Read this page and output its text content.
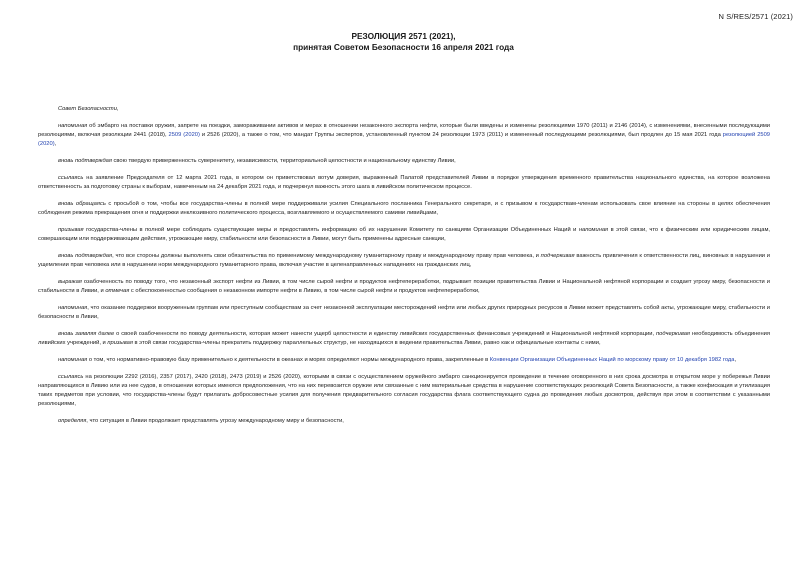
N S/RES/2571 (2021)
РЕЗОЛЮЦИЯ 2571 (2021),
принятая Советом Безопасности 16 апреля 2021 года

Совет Безопасности,

напоминая об эмбарго на поставки оружия, запрете на поездки, замораживании активов и мерах в отношении незаконного экспорта нефти, которые были введены и изменены резолюциями 1970 (2011) и 2146 (2014), с изменениями, внесенными последующими резолюциями, включая резолюции 2441 (2018), 2509 (2020) и 2526 (2020), а также о том, что мандат Группы экспертов, установленный пунктом 24 резолюции 1973 (2011) и измененный последующими резолюциями, был продлен до 15 мая 2021 года резолюцией 2509 (2020),

вновь подтверждая свою твердую приверженность суверенитету, независимости, территориальной целостности и национальному единству Ливии,

ссылаясь на заявление Председателя от 12 марта 2021 года, в котором он приветствовал вотум доверия, выраженный Палатой представителей Ливии в порядке утверждения временного правительства национального единства, на которое возложена ответственность за подготовку страны к выборам, намеченным на 24 декабря 2021 года, и подчеркнул важность этого шага в ливийском политическом процессе.

вновь обращаясь с просьбой о том, чтобы все государства-члены в полной мере поддерживали усилия Специального посланника Генерального секретаря, и с призывом к государствам-членам использовать свое влияние на стороны в целях обеспечения соблюдения режима прекращения огня и поддержки инклюзивного политического процесса, возглавляемого и осуществляемого самими ливийцами,

призывая государства-члены в полной мере соблюдать существующие меры и предоставлять информацию об их нарушении Комитету по санкциям Организации Объединенных Наций и напоминая в этой связи, что к физическим или юридическим лицам, совершающим или поддерживающим действия, угрожающие миру, стабильности или безопасности в Ливии, могут быть применены адресные санкции,

вновь подтверждая, что все стороны должны выполнять свои обязательства по применимому международному гуманитарному праву и международному праву прав человека, и подчеркивая важность привлечения к ответственности лиц, виновных в нарушении и ущемлении прав человека или в нарушении норм международного гуманитарного права, включая участие в целенаправленных нападениях на гражданских лиц,

выражая озабоченность по поводу того, что незаконный экспорт нефти из Ливии, в том числе сырой нефти и продуктов нефтепереработки, подрывает позиции правительства Ливии и Национальной нефтяной корпорации и создает угрозу миру, безопасности и стабильности в Ливии, и отмечая с обеспокоенностью сообщения о незаконном импорте нефти в Ливию, в том числе сырой нефти и продуктов нефтепереработки,

напоминая, что оказание поддержки вооруженным группам или преступным сообществам за счет незаконной эксплуатации месторождений нефти или любых других природных ресурсов в Ливии может представлять собой акты, угрожающие миру, стабильности и безопасности в Ливии,

вновь заявляя далее о своей озабоченности по поводу деятельности, которая может нанести ущерб целостности и единству ливийских государственных финансовых учреждений и Национальной нефтяной корпорации, подчеркивая необходимость объединения ливийских учреждений, и призывая в этой связи государства-члены прекратить поддержку параллельных структур, не находящихся в ведении правительства Ливии, равно как и официальные контакты с ними,

напоминая о том, что нормативно-правовую базу применительно к деятельности в океанах и морях определяют нормы международного права, закрепленные в Конвенции Организации Объединенных Наций по морскому праву от 10 декабря 1982 года,

ссылаясь на резолюции 2292 (2016), 2357 (2017), 2420 (2018), 2473 (2019) и 2526 (2020), которыми в связи с осуществлением оружейного эмбарго санкционируется проведение в течение оговоренного в них срока досмотра в открытом море у побережья Ливии направляющихся в Ливию или из нее судов, в отношении которых имеются предположения, что на них перевозится оружие или связанные с ним материальные средства в нарушение соответствующих резолюций Совета Безопасности, а также конфискация и утилизация таких предметов при условии, что государства-члены будут прилагать добросовестные усилия для получения предварительного согласия государства флага соответствующего судна до проведения любых досмотров, действуя при этом в соответствии с указанными резолюциями,

определяя, что ситуация в Ливии продолжает представлять угрозу международному миру и безопасности,
